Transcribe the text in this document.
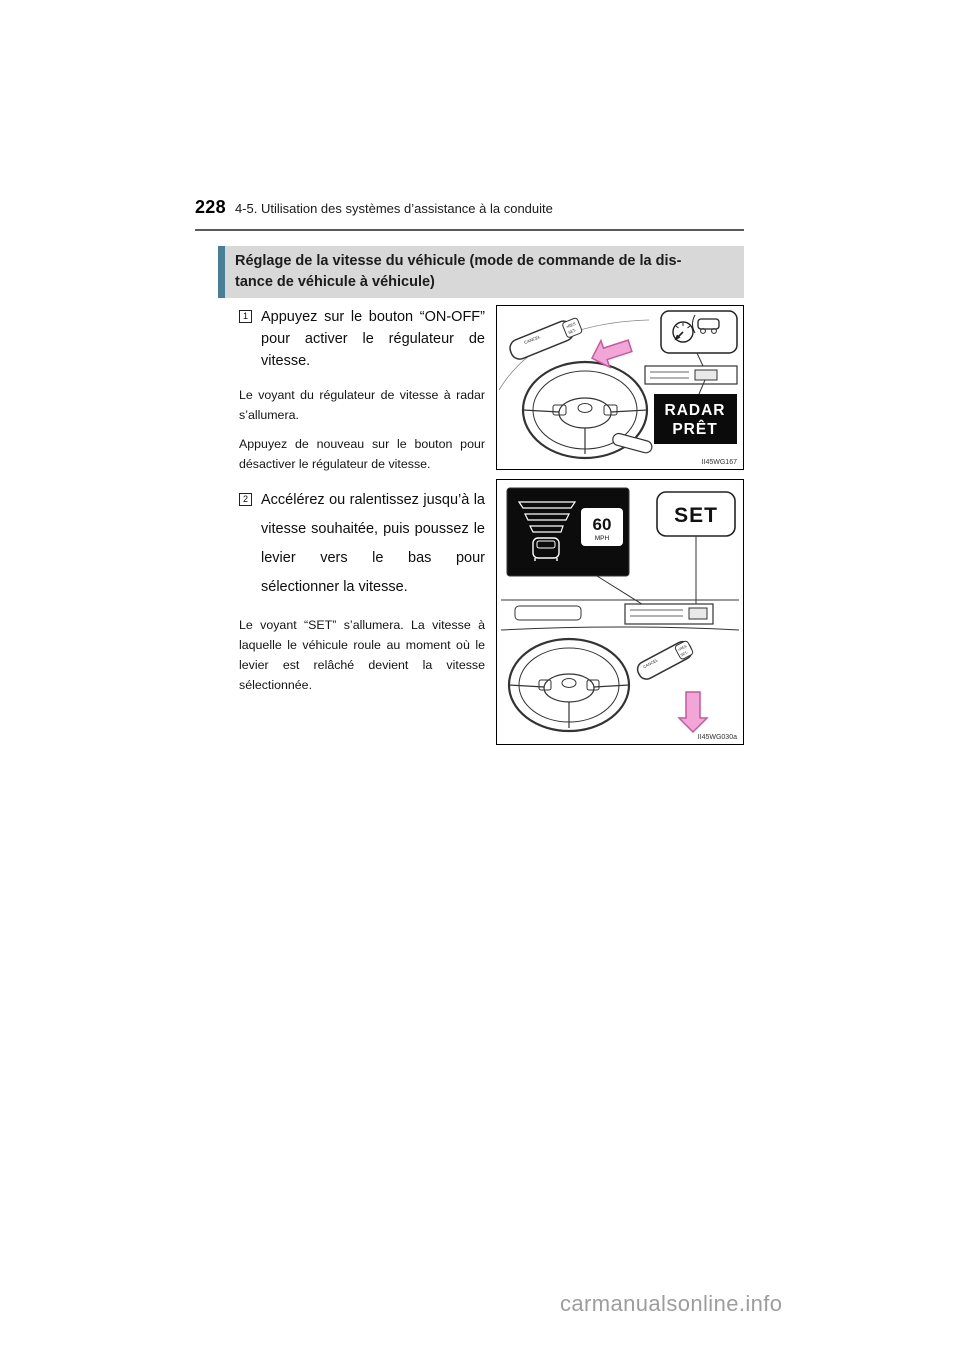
228 4-5. Utilisation des systèmes d’assistance à la conduite
Réglage de la vitesse du véhicule (mode de commande de la dis-
tance de véhicule à véhicule)

1 Appuyez sur le bouton “ON-OFF” pour activer le régulateur de vitesse.

Le voyant du régulateur de vitesse à radar s’allumera.

Appuyez de nouveau sur le bouton pour désactiver le régulateur de vitesse.

2 Accélérez ou ralentissez jusqu’à la vitesse souhaitée, puis poussez le levier vers le bas pour sélectionner la vitesse.

Le voyant “SET” s’allumera. La vitesse à laquelle le véhicule roule au moment où le levier est relâché devient la vitesse sélectionnée.

CANCEL
+RES
SET-
RADAR
PRÊT
II45WG167
60
MPH
SET
CANCEL
+RES
SET-
II45WG030a
carmanualsonline.info
